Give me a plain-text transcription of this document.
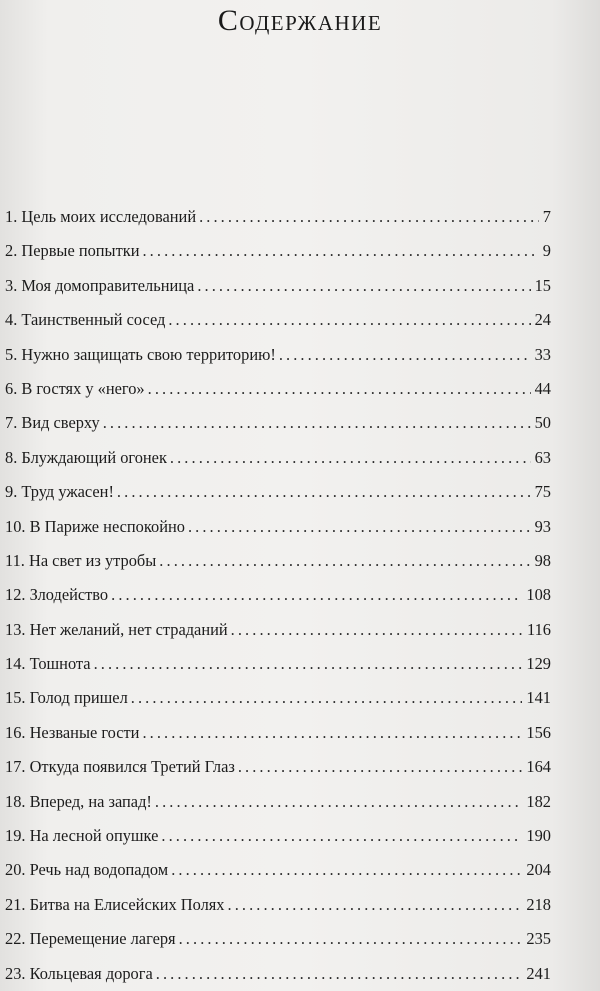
Содержание
1. Цель моих исследований . . .	7
2. Первые попытки . . .	9
3. Моя домоправительница . . .	15
4. Таинственный сосед . . .	24
5. Нужно защищать свою территорию! . . .	33
6. В гостях у «него» . . .	44
7. Вид сверху . . .	50
8. Блуждающий огонек . . .	63
9. Труд ужасен! . . .	75
10. В Париже неспокойно . . .	93
11. На свет из утробы . . .	98
12. Злодейство . . .	108
13. Нет желаний, нет страданий . . .	116
14. Тошнота . . .	129
15. Голод пришел . . .	141
16. Незваные гости . . .	156
17. Откуда появился Третий Глаз . . .	164
18. Вперед, на запад! . . .	182
19. На лесной опушке . . .	190
20. Речь над водопадом . . .	204
21. Битва на Елисейских Полях . . .	218
22. Перемещение лагеря . . .	235
23. Кольцевая дорога . . .	241
